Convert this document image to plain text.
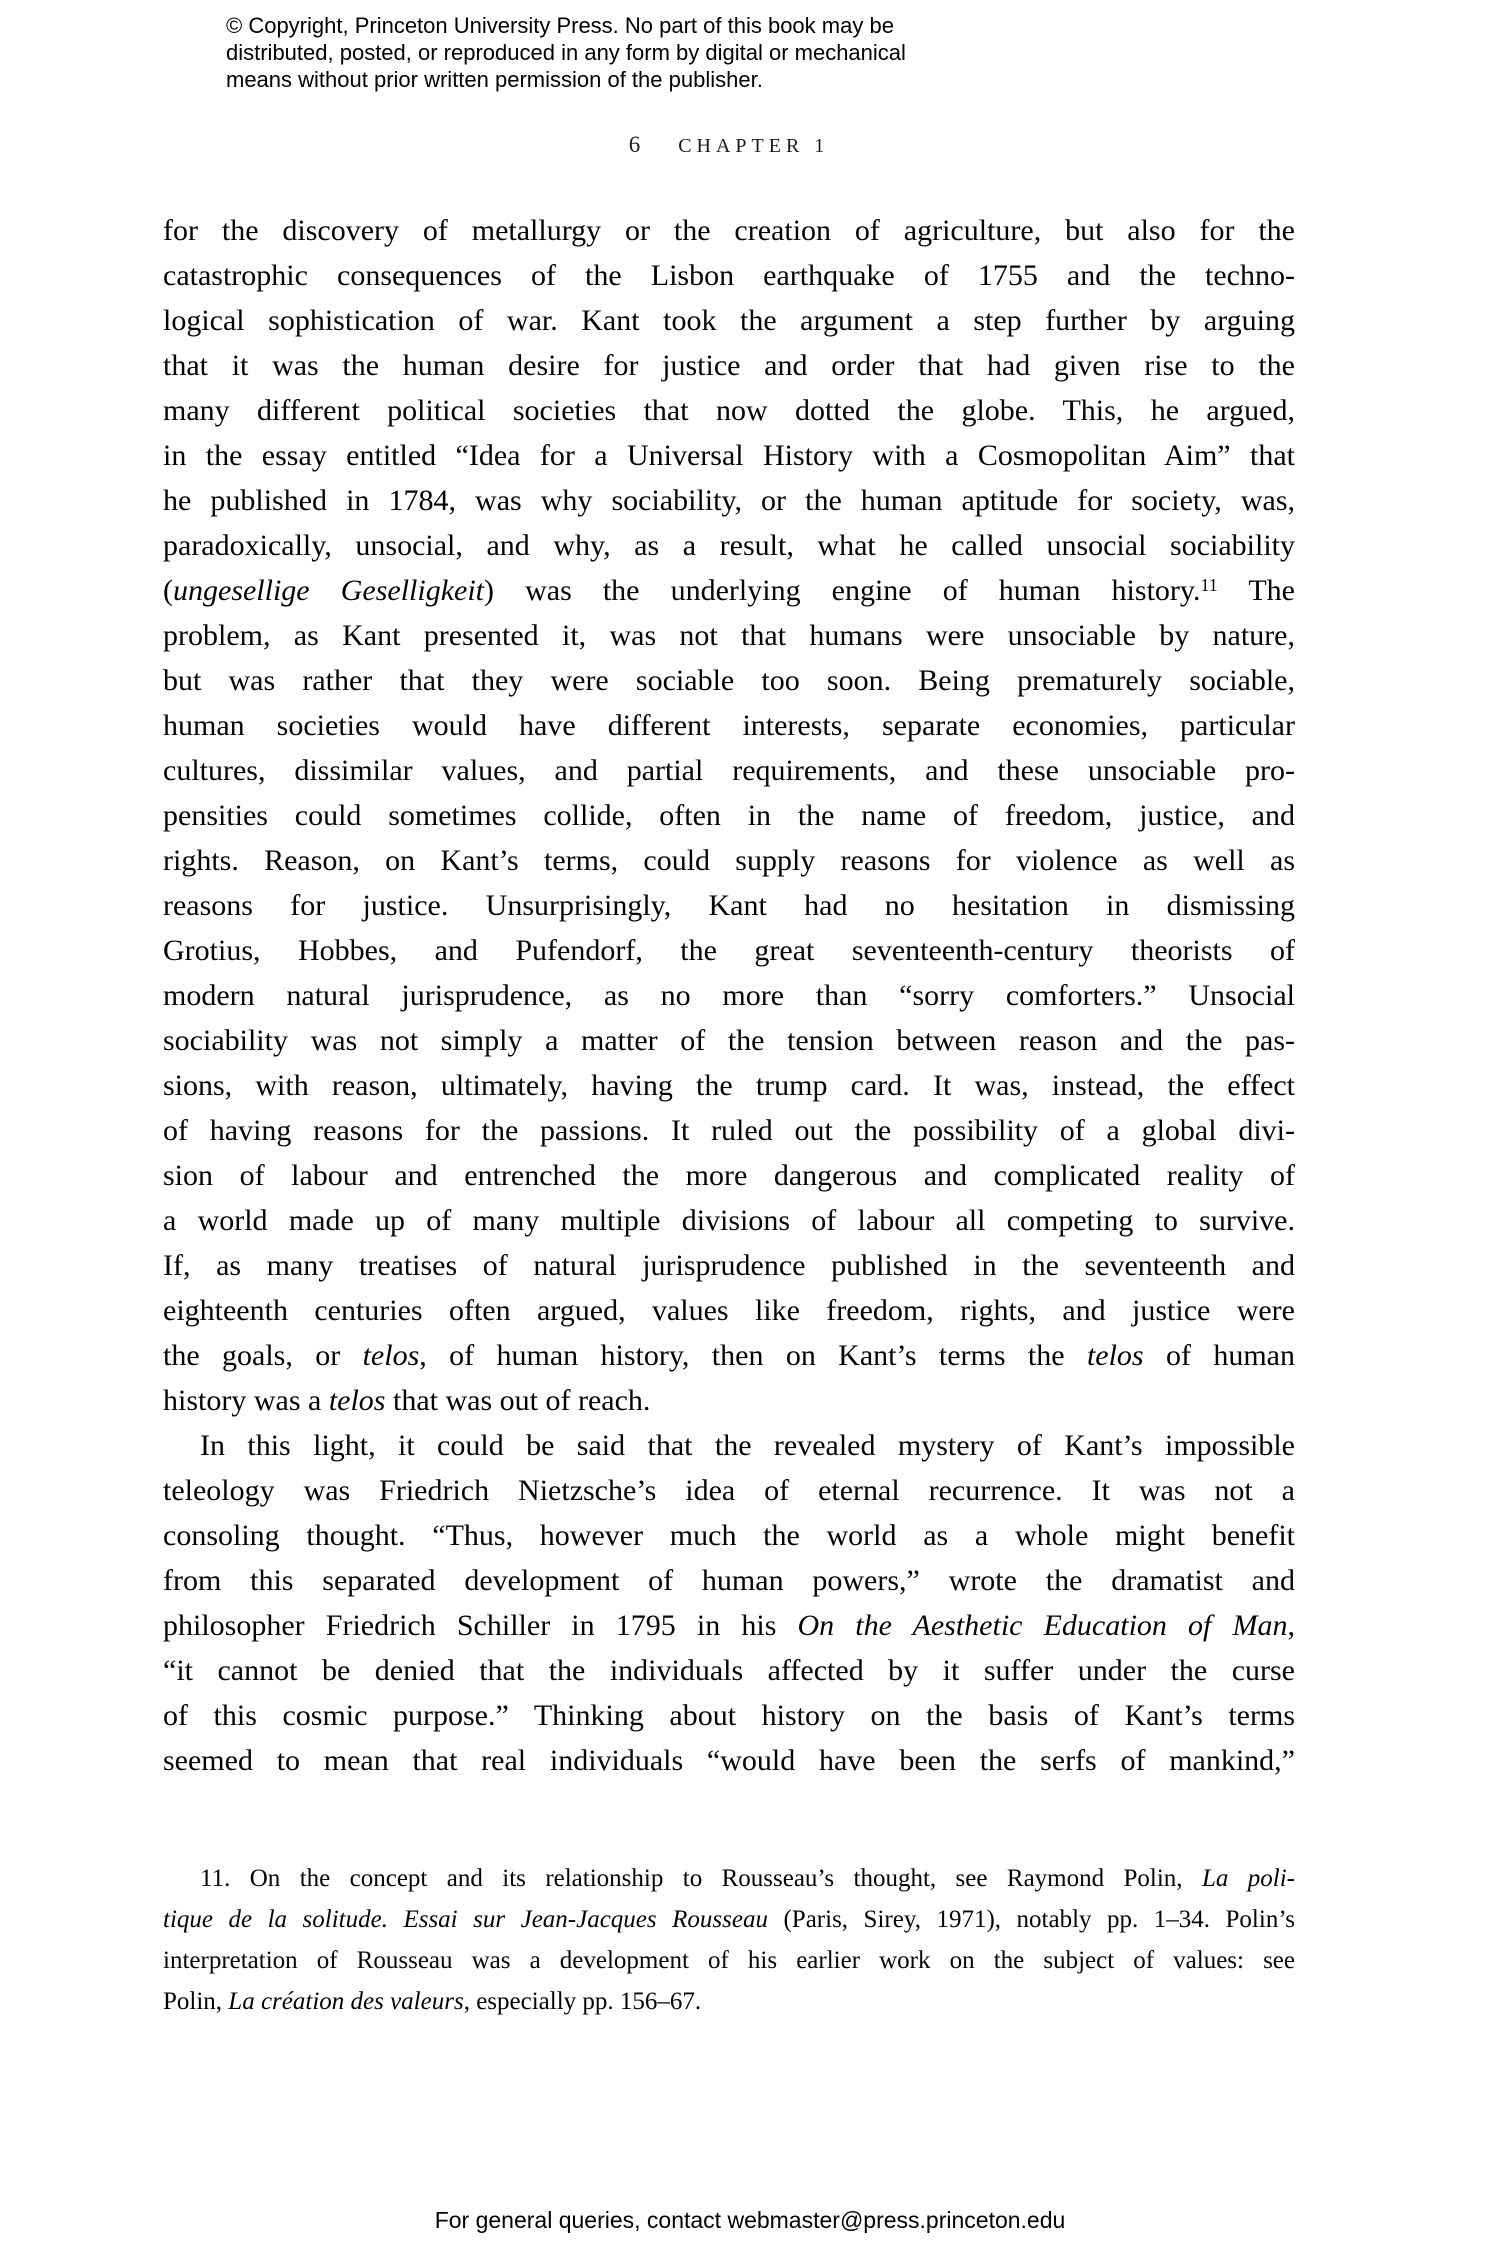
© Copyright, Princeton University Press. No part of this book may be
distributed, posted, or reproduced in any form by digital or mechanical
means without prior written permission of the publisher.
6 CHAPTER 1
for the discovery of metallurgy or the creation of agriculture, but also for the
catastrophic consequences of the Lisbon earthquake of 1755 and the techno-
logical sophistication of war. Kant took the argument a step further by arguing
that it was the human desire for justice and order that had given rise to the
many different political societies that now dotted the globe. This, he argued,
in the essay entitled “Idea for a Universal History with a Cosmopolitan Aim” that
he published in 1784, was why sociability, or the human aptitude for society, was,
paradoxically, unsocial, and why, as a result, what he called unsocial sociability
(ungesellige Geselligkeit) was the underlying engine of human history.$^{11}$ The
problem, as Kant presented it, was not that humans were unsociable by nature,
but was rather that they were sociable too soon. Being prematurely sociable,
human societies would have different interests, separate economies, particular
cultures, dissimilar values, and partial requirements, and these unsociable pro-
pensities could sometimes collide, often in the name of freedom, justice, and
rights. Reason, on Kant’s terms, could supply reasons for violence as well as
reasons for justice. Unsurprisingly, Kant had no hesitation in dismissing
Grotius, Hobbes, and Pufendorf, the great seventeenth-century theorists of
modern natural jurisprudence, as no more than “sorry comforters.” Unsocial
sociability was not simply a matter of the tension between reason and the pas-
sions, with reason, ultimately, having the trump card. It was, instead, the effect
of having reasons for the passions. It ruled out the possibility of a global divi-
sion of labour and entrenched the more dangerous and complicated reality of
a world made up of many multiple divisions of labour all competing to survive.
If, as many treatises of natural jurisprudence published in the seventeenth and
eighteenth centuries often argued, values like freedom, rights, and justice were
the goals, or telos, of human history, then on Kant’s terms the telos of human
history was a telos that was out of reach.
In this light, it could be said that the revealed mystery of Kant’s impossible
teleology was Friedrich Nietzsche’s idea of eternal recurrence. It was not a
consoling thought. “Thus, however much the world as a whole might benefit
from this separated development of human powers,” wrote the dramatist and
philosopher Friedrich Schiller in 1795 in his On the Aesthetic Education of Man,
“it cannot be denied that the individuals affected by it suffer under the curse
of this cosmic purpose.” Thinking about history on the basis of Kant’s terms
seemed to mean that real individuals “would have been the serfs of mankind,”
11. On the concept and its relationship to Rousseau’s thought, see Raymond Polin, La poli-
tique de la solitude. Essai sur Jean-Jacques Rousseau (Paris, Sirey, 1971), notably pp. 1–34. Polin’s
interpretation of Rousseau was a development of his earlier work on the subject of values: see
Polin, La création des valeurs, especially pp. 156–67.
For general queries, contact webmaster@press.princeton.edu
